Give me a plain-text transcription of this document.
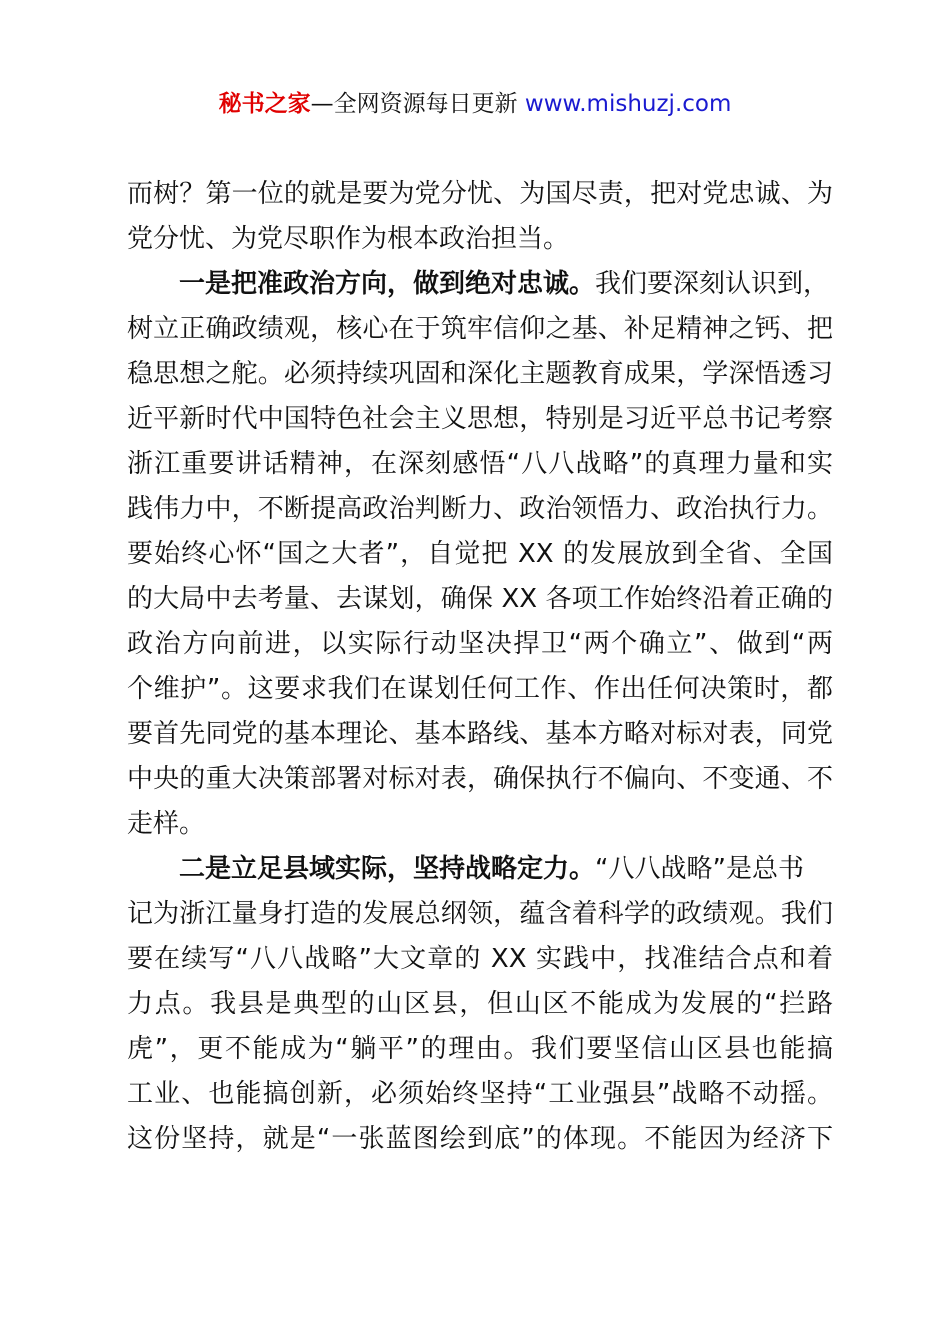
秘书之家—全网资源每日更新 www.mishuzj.com
而树？第一位的就是要为党分忧、为国尽责，把对党忠诚、为
党分忧、为党尽职作为根本政治担当。
一是把准政治方向，做到绝对忠诚。我们要深刻认识到，
树立正确政绩观，核心在于筑牢信仰之基、补足精神之钙、把
稳思想之舵。必须持续巩固和深化主题教育成果，学深悟透习
近平新时代中国特色社会主义思想，特别是习近平总书记考察
浙江重要讲话精神，在深刻感悟“八八战略”的真理力量和实
践伟力中，不断提高政治判断力、政治领悟力、政治执行力。
要始终心怀“国之大者”，自觉把 XX 的发展放到全省、全国
的大局中去考量、去谋划，确保 XX 各项工作始终沿着正确的
政治方向前进，以实际行动坚决捍卫“两个确立”、做到“两
个维护”。这要求我们在谋划任何工作、作出任何决策时，都
要首先同党的基本理论、基本路线、基本方略对标对表，同党
中央的重大决策部署对标对表，确保执行不偏向、不变通、不
走样。
二是立足县域实际，坚持战略定力。“八八战略”是总书
记为浙江量身打造的发展总纲领，蕴含着科学的政绩观。我们
要在续写“八八战略”大文章的 XX 实践中，找准结合点和着
力点。我县是典型的山区县，但山区不能成为发展的“拦路
虎”，更不能成为“躺平”的理由。我们要坚信山区县也能搞
工业、也能搞创新，必须始终坚持“工业强县”战略不动摇。
这份坚持，就是“一张蓝图绘到底”的体现。不能因为经济下
